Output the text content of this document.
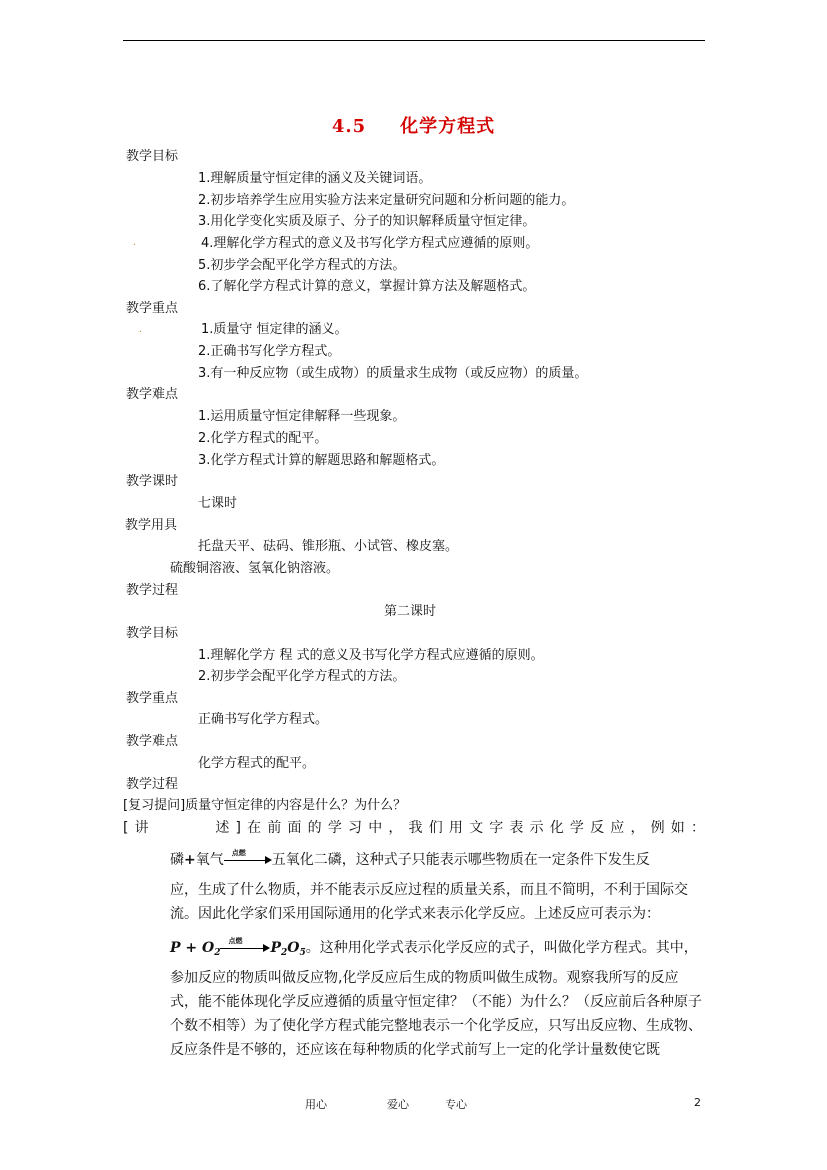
4.5 化学方程式
教学目标
1.理解质量守恒定律的涵义及关键词语。
2.初步培养学生应用实验方法来定量研究问题和分析问题的能力。
3.用化学变化实质及原子、分子的知识解释质量守恒定律。
.	4.理解化学方程式的意义及书写化学方程式应遵循的原则。
5.初步学会配平化学方程式的方法。
6.了解化学方程式计算的意义，掌握计算方法及解题格式。
教学重点
.	1.质量守 恒定律的涵义。
2.正确书写化学方程式。
3.有一种反应物（或生成物）的质量求生成物（或反应物）的质量。
教学难点
1.运用质量守恒定律解释一些现象。
2.化学方程式的配平。
3.化学方程式计算的解题思路和解题格式。
教学课时
七课时
教学用具
托盘天平、砝码、锥形瓶、小试管、橡皮塞。
硫酸铜溶液、氢氧化钠溶液。
教学过程
第二课时
教学目标
1.理解化学方 程 式的意义及书写化学方程式应遵循的原则。
2.初步学会配平化学方程式的方法。
教学重点
正确书写化学方程式。
教学难点
化学方程式的配平。
教学过程
[复习提问]质量守恒定律的内容是什么？为什么？
[讲　　　述]在前面的学习中，我们用文字表示化学反应，例如：
磷+氧气 点燃 五氧化二磷，这种式子只能表示哪些物质在一定条件下发生反
应，生成了什么物质，并不能表示反应过程的质量关系，而且不简明，不利于国际交流。因此化学家们采用国际通用的化学式来表示化学反应。上述反应可表示为：
$P + O_2$
点燃 $P_2O_5$。这种用化学式表示化学反应的式子，叫做化学方程式。其中，
参加反应的物质叫做反应物,化学反应后生成的物质叫做生成物。观察我所写的反应式，能不能体现化学反应遵循的质量守恒定律？（不能）为什么？（反应前后各种原子个数不相等）为了使化学方程式能完整地表示一个化学反应，只写出反应物、生成物、反应条件是不够的，还应该在每种物质的化学式前写上一定的化学计量数使它既
用心	爱心	专心	2
